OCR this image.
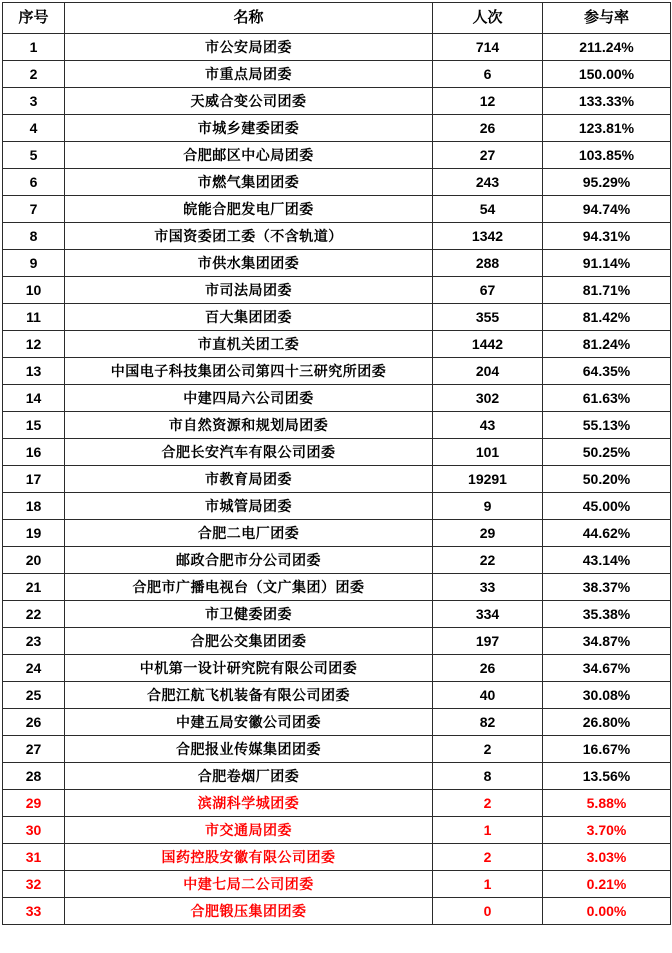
序号	名称	人次	参与率
1	市公安局团委	714	211.24%
2	市重点局团委	6	150.00%
3	天威合变公司团委	12	133.33%
4	市城乡建委团委	26	123.81%
5	合肥邮区中心局团委	27	103.85%
6	市燃气集团团委	243	95.29%
7	皖能合肥发电厂团委	54	94.74%
8	市国资委团工委（不含轨道）	1342	94.31%
9	市供水集团团委	288	91.14%
10	市司法局团委	67	81.71%
11	百大集团团委	355	81.42%
12	市直机关团工委	1442	81.24%
13	中国电子科技集团公司第四十三研究所团委	204	64.35%
14	中建四局六公司团委	302	61.63%
15	市自然资源和规划局团委	43	55.13%
16	合肥长安汽车有限公司团委	101	50.25%
17	市教育局团委	19291	50.20%
18	市城管局团委	9	45.00%
19	合肥二电厂团委	29	44.62%
20	邮政合肥市分公司团委	22	43.14%
21	合肥市广播电视台（文广集团）团委	33	38.37%
22	市卫健委团委	334	35.38%
23	合肥公交集团团委	197	34.87%
24	中机第一设计研究院有限公司团委	26	34.67%
25	合肥江航飞机装备有限公司团委	40	30.08%
26	中建五局安徽公司团委	82	26.80%
27	合肥报业传媒集团团委	2	16.67%
28	合肥卷烟厂团委	8	13.56%
29	滨湖科学城团委	2	5.88%
30	市交通局团委	1	3.70%
31	国药控股安徽有限公司团委	2	3.03%
32	中建七局二公司团委	1	0.21%
33	合肥锻压集团团委	0	0.00%
